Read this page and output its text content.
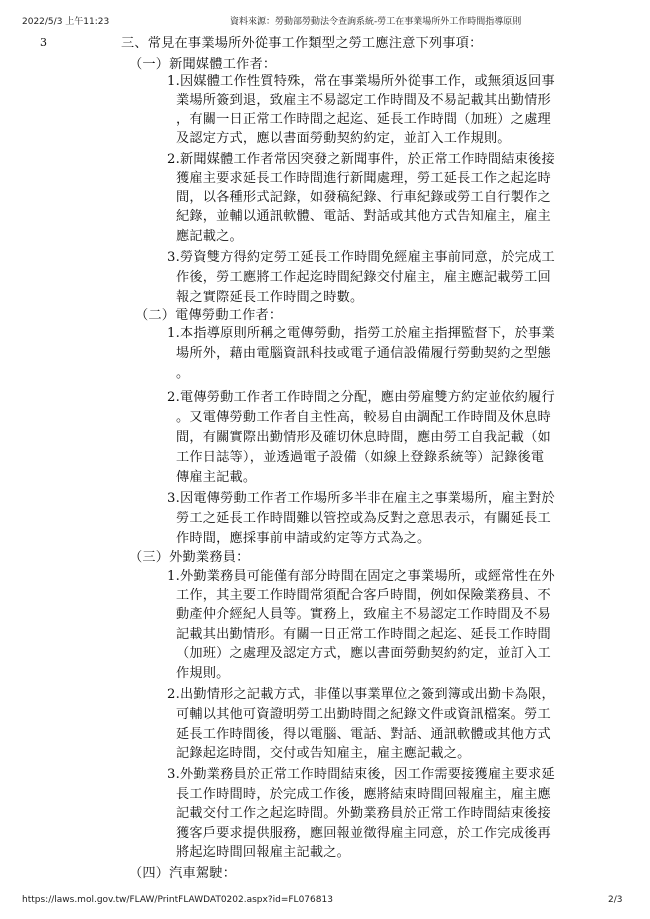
2022/5/3 上午11:23	資料來源：勞動部勞動法令查詢系統-勞工在事業場所外工作時間指導原則
3	三、常見在事業場所外從事工作類型之勞工應注意下列事項：
（一）新聞媒體工作者：
1.因媒體工作性質特殊，常在事業場所外從事工作，或無須返回事
業場所簽到退，致雇主不易認定工作時間及不易記載其出勤情形
，有關一日正常工作時間之起迄、延長工作時間（加班）之處理
及認定方式，應以書面勞動契約約定，並訂入工作規則。
2.新聞媒體工作者常因突發之新聞事件，於正常工作時間結束後接
獲雇主要求延長工作時間進行新聞處理，勞工延長工作之起迄時
間，以各種形式記錄，如發稿紀錄、行車紀錄或勞工自行製作之
紀錄，並輔以通訊軟體、電話、對話或其他方式告知雇主，雇主
應記載之。
3.勞資雙方得約定勞工延長工作時間免經雇主事前同意，於完成工
作後，勞工應將工作起迄時間紀錄交付雇主，雇主應記載勞工回
報之實際延長工作時間之時數。
（二）電傳勞動工作者：
1.本指導原則所稱之電傳勞動，指勞工於雇主指揮監督下，於事業
場所外，藉由電腦資訊科技或電子通信設備履行勞動契約之型態
。
2.電傳勞動工作者工作時間之分配，應由勞雇雙方約定並依約履行
。又電傳勞動工作者自主性高，較易自由調配工作時間及休息時
間，有關實際出勤情形及確切休息時間，應由勞工自我記載（如
工作日誌等），並透過電子設備（如線上登錄系統等）記錄後電
傳雇主記載。
3.因電傳勞動工作者工作場所多半非在雇主之事業場所，雇主對於
勞工之延長工作時間難以管控或為反對之意思表示，有關延長工
作時間，應採事前申請或約定等方式為之。
（三）外勤業務員：
1.外勤業務員可能僅有部分時間在固定之事業場所，或經常性在外
工作，其主要工作時間常須配合客戶時間，例如保險業務員、不
動產仲介經紀人員等。實務上，致雇主不易認定工作時間及不易
記載其出勤情形。有關一日正常工作時間之起迄、延長工作時間
（加班）之處理及認定方式，應以書面勞動契約約定，並訂入工
作規則。
2.出勤情形之記載方式，非僅以事業單位之簽到簿或出勤卡為限，
可輔以其他可資證明勞工出勤時間之紀錄文件或資訊檔案。勞工
延長工作時間後，得以電腦、電話、對話、通訊軟體或其他方式
記錄起迄時間，交付或告知雇主，雇主應記載之。
3.外勤業務員於正常工作時間結束後，因工作需要接獲雇主要求延
長工作時間時，於完成工作後，應將結束時間回報雇主，雇主應
記載交付工作之起迄時間。外勤業務員於正常工作時間結束後接
獲客戶要求提供服務，應回報並徵得雇主同意，於工作完成後再
將起迄時間回報雇主記載之。
（四）汽車駕駛：
https://laws.mol.gov.tw/FLAW/PrintFLAWDAT0202.aspx?id=FL076813	2/3
